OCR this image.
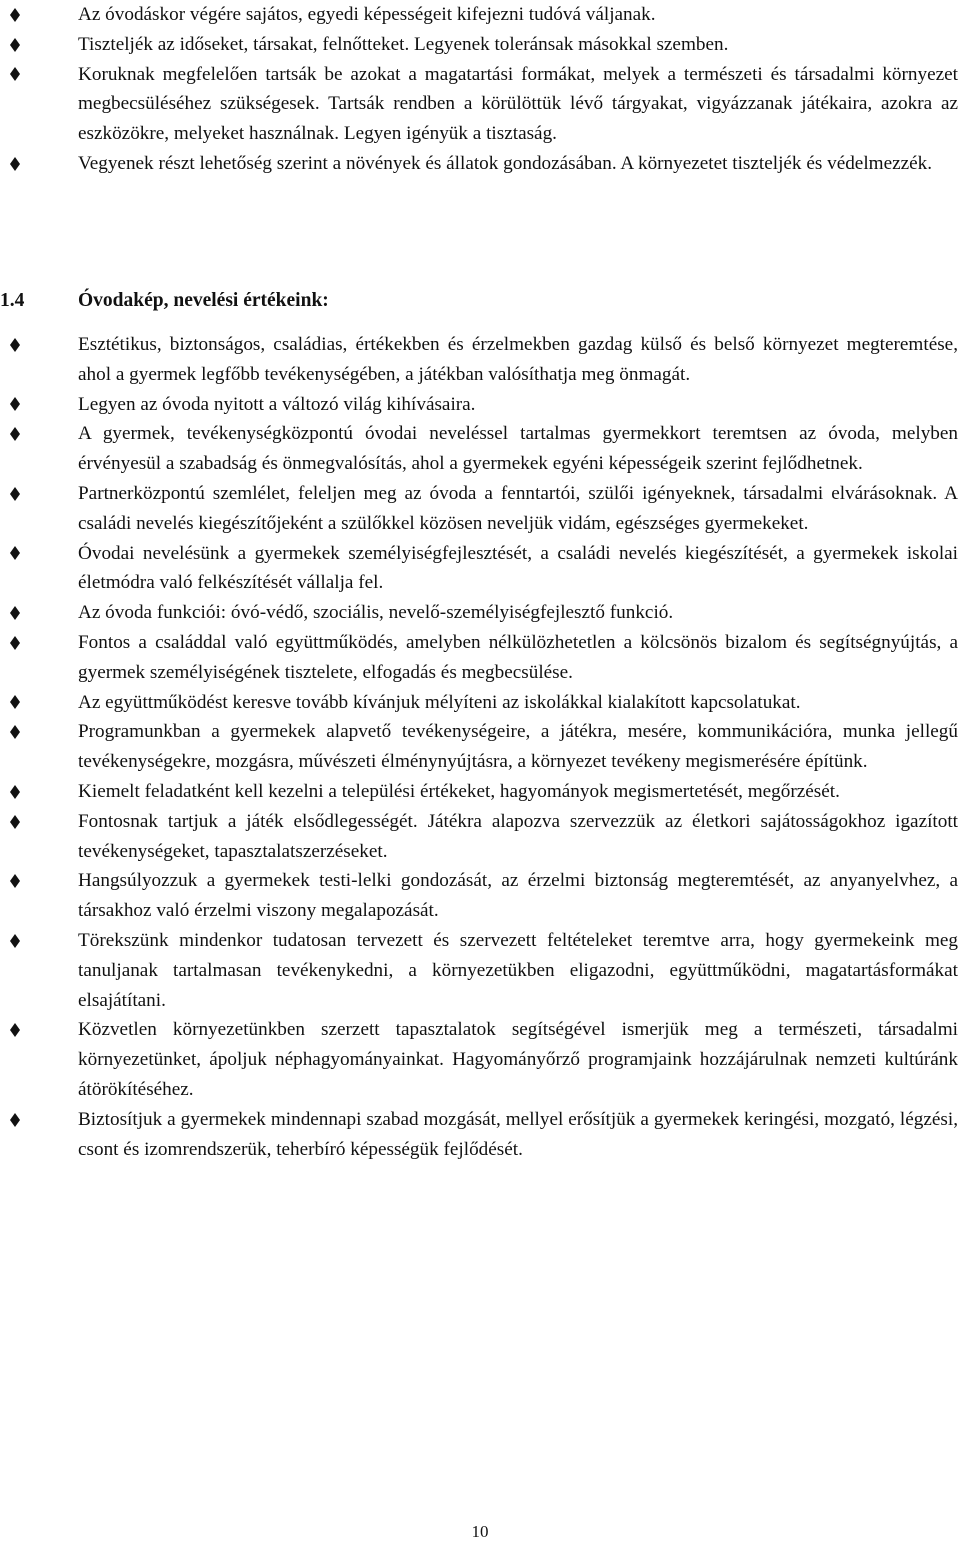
Az óvodáskor végére sajátos, egyedi képességeit kifejezni tudóvá váljanak.
Tiszteljék az időseket, társakat, felnőtteket. Legyenek toleránsak másokkal szemben.
Koruknak megfelelően tartsák be azokat a magatartási formákat, melyek a természeti és társadalmi környezet megbecsüléséhez szükségesek. Tartsák rendben a körülöttük lévő tárgyakat, vigyázzanak játékaira, azokra az eszközökre, melyeket használnak. Legyen igényük a tisztaság.
Vegyenek részt lehetőség szerint a növények és állatok gondozásában. A környezetet tiszteljék és védelmezzék.
1.4	Óvodakép, nevelési értékeink:
Esztétikus, biztonságos, családias, értékekben és érzelmekben gazdag külső és belső környezet megteremtése, ahol a gyermek legfőbb tevékenységében, a játékban valósíthatja meg önmagát.
Legyen az óvoda nyitott a változó világ kihívásaira.
A gyermek, tevékenységközpontú óvodai neveléssel tartalmas gyermekkort teremtsen az óvoda, melyben érvényesül a szabadság és önmegvalósítás, ahol a gyermekek egyéni képességeik szerint fejlődhetnek.
Partnerközpontú szemlélet, feleljen meg az óvoda a fenntartói, szülői igényeknek, társadalmi elvárásoknak. A családi nevelés kiegészítőjeként a szülőkkel közösen neveljük vidám, egészséges gyermekeket.
Óvodai nevelésünk a gyermekek személyiségfejlesztését, a családi nevelés kiegészítését, a gyermekek iskolai életmódra való felkészítését vállalja fel.
Az óvoda funkciói: óvó-védő, szociális, nevelő-személyiségfejlesztő funkció.
Fontos a családdal való együttműködés, amelyben nélkülözhetetlen a kölcsönös bizalom és segítségnyújtás, a gyermek személyiségének tisztelete, elfogadás és megbecsülése.
Az együttműködést keresve tovább kívánjuk mélyíteni az iskolákkal kialakított kapcsolatukat.
Programunkban a gyermekek alapvető tevékenységeire, a játékra, mesére, kommunikációra, munka jellegű tevékenységekre, mozgásra, művészeti élménynyújtásra, a környezet tevékeny megismerésére építünk.
Kiemelt feladatként kell kezelni a települési értékeket, hagyományok megismertetését, megőrzését.
Fontosnak tartjuk a játék elsődlegességét. Játékra alapozva szervezzük az életkori sajátosságokhoz igazított tevékenységeket, tapasztalatszerzéseket.
Hangsúlyozzuk a gyermekek testi-lelki gondozását, az érzelmi biztonság megteremtését, az anyanyelvhez, a társakhoz való érzelmi viszony megalapozását.
Törekszünk mindenkor tudatosan tervezett és szervezett feltételeket teremtve arra, hogy gyermekeink meg tanuljanak tartalmasan tevékenykedni, a környezetükben eligazodni, együttműködni, magatartásformákat elsajátítani.
Közvetlen környezetünkben szerzett tapasztalatok segítségével ismerjük meg a természeti, társadalmi környezetünket, ápoljuk néphagyományainkat. Hagyományőrző programjaink hozzájárulnak nemzeti kultúránk átörökítéséhez.
Biztosítjuk a gyermekek mindennapi szabad mozgását, mellyel erősítjük a gyermekek keringési, mozgató, légzési, csont és izomrendszerük, teherbíró képességük fejlődését.
10
